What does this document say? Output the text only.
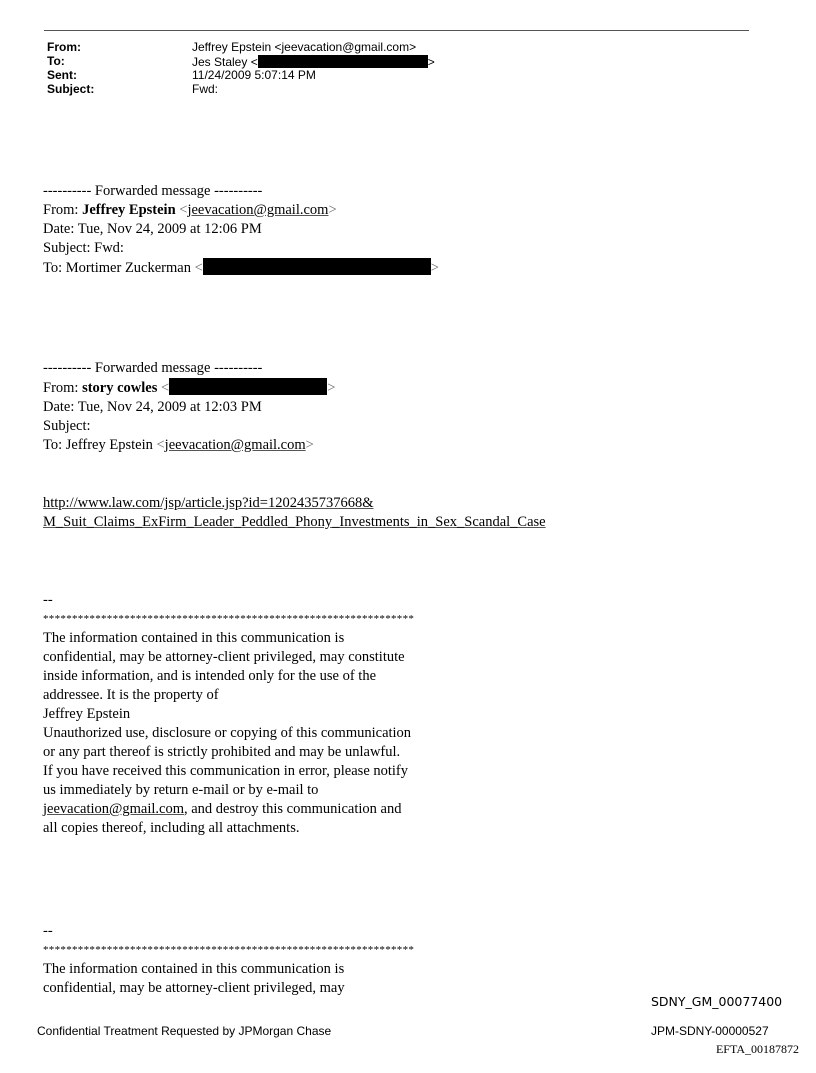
From:	Jeffrey Epstein <jeevacation@gmail.com>
To:	Jes Staley <	>
Sent:	11/24/2009 5:07:14 PM
Subject:	Fwd:
---------- Forwarded message ----------
From: Jeffrey Epstein <jeevacation@gmail.com>
Date: Tue, Nov 24, 2009 at 12:06 PM
Subject: Fwd:
To: Mortimer Zuckerman <	>
---------- Forwarded message ----------
From: story cowles <	>
Date: Tue, Nov 24, 2009 at 12:03 PM
Subject:
To: Jeffrey Epstein <jeevacation@gmail.com>
http://www.law.com/jsp/article.jsp?id=1202435737668&
M_Suit_Claims_ExFirm_Leader_Peddled_Phony_Investments_in_Sex_Scandal_Case
--
****************************************************************
The information contained in this communication is confidential, may be attorney-client privileged, may constitute inside information, and is intended only for the use of the addressee. It is the property of
Jeffrey Epstein
Unauthorized use, disclosure or copying of this communication or any part thereof is strictly prohibited and may be unlawful. If you have received this communication in error, please notify us immediately by return e-mail or by e-mail to jeevacation@gmail.com, and destroy this communication and all copies thereof, including all attachments.
--
****************************************************************
The information contained in this communication is confidential, may be attorney-client privileged, may
Confidential Treatment Requested by JPMorgan Chase
SDNY_GM_00077400
JPM-SDNY-00000527
EFTA_00187872
